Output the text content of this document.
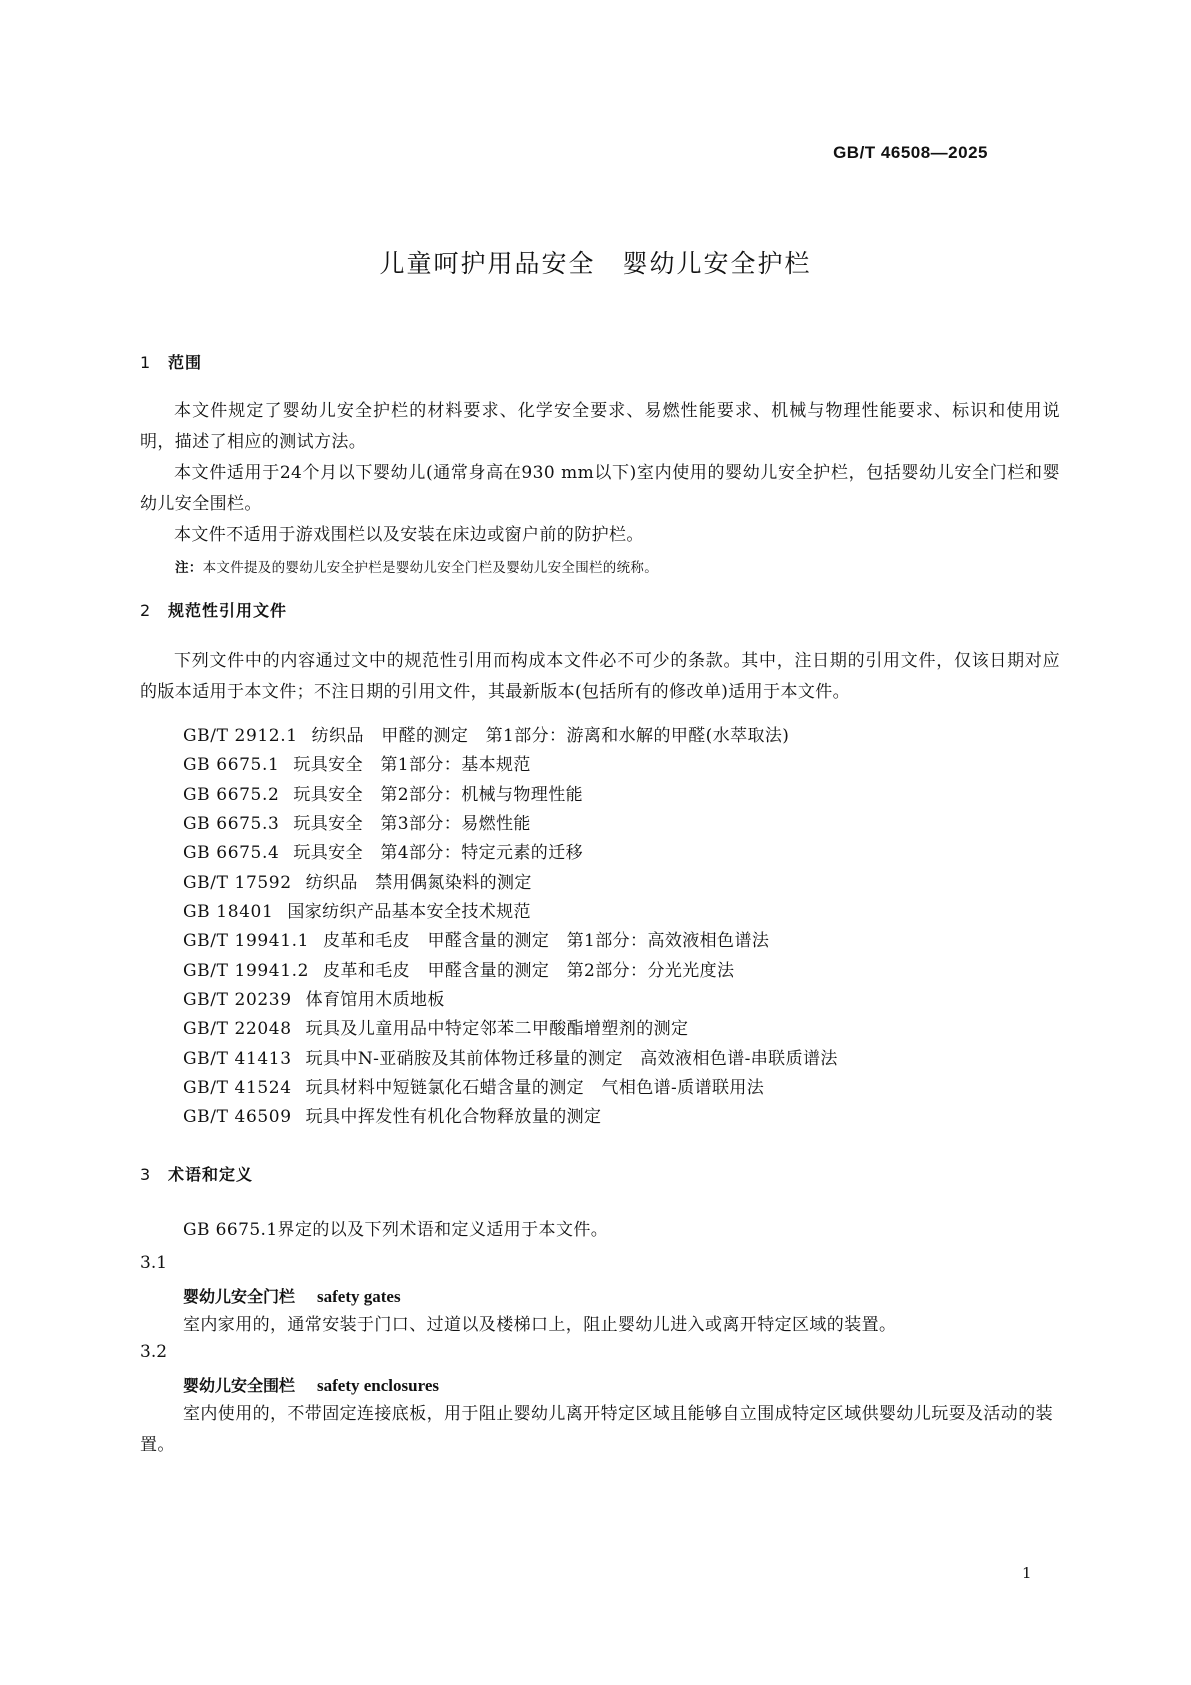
GB/T 46508—2025
儿童呵护用品安全　婴幼儿安全护栏
1 范围
本文件规定了婴幼儿安全护栏的材料要求、化学安全要求、易燃性能要求、机械与物理性能要求、标识和使用说明，描述了相应的测试方法。
本文件适用于24个月以下婴幼儿(通常身高在930 mm以下)室内使用的婴幼儿安全护栏，包括婴幼儿安全门栏和婴幼儿安全围栏。
本文件不适用于游戏围栏以及安装在床边或窗户前的防护栏。
注：本文件提及的婴幼儿安全护栏是婴幼儿安全门栏及婴幼儿安全围栏的统称。
2 规范性引用文件
下列文件中的内容通过文中的规范性引用而构成本文件必不可少的条款。其中，注日期的引用文件，仅该日期对应的版本适用于本文件；不注日期的引用文件，其最新版本(包括所有的修改单)适用于本文件。
GB/T 2912.1 纺织品　甲醛的测定　第1部分：游离和水解的甲醛(水萃取法)
GB 6675.1 玩具安全　第1部分：基本规范
GB 6675.2 玩具安全　第2部分：机械与物理性能
GB 6675.3 玩具安全　第3部分：易燃性能
GB 6675.4 玩具安全　第4部分：特定元素的迁移
GB/T 17592 纺织品　禁用偶氮染料的测定
GB 18401 国家纺织产品基本安全技术规范
GB/T 19941.1 皮革和毛皮　甲醛含量的测定　第1部分：高效液相色谱法
GB/T 19941.2 皮革和毛皮　甲醛含量的测定　第2部分：分光光度法
GB/T 20239 体育馆用木质地板
GB/T 22048 玩具及儿童用品中特定邻苯二甲酸酯增塑剂的测定
GB/T 41413 玩具中N-亚硝胺及其前体物迁移量的测定　高效液相色谱-串联质谱法
GB/T 41524 玩具材料中短链氯化石蜡含量的测定　气相色谱-质谱联用法
GB/T 46509 玩具中挥发性有机化合物释放量的测定
3 术语和定义
GB 6675.1界定的以及下列术语和定义适用于本文件。
3.1
婴幼儿安全门栏 safety gates
室内家用的，通常安装于门口、过道以及楼梯口上，阻止婴幼儿进入或离开特定区域的装置。
3.2
婴幼儿安全围栏 safety enclosures
室内使用的，不带固定连接底板，用于阻止婴幼儿离开特定区域且能够自立围成特定区域供婴幼儿玩耍及活动的装置。
1
